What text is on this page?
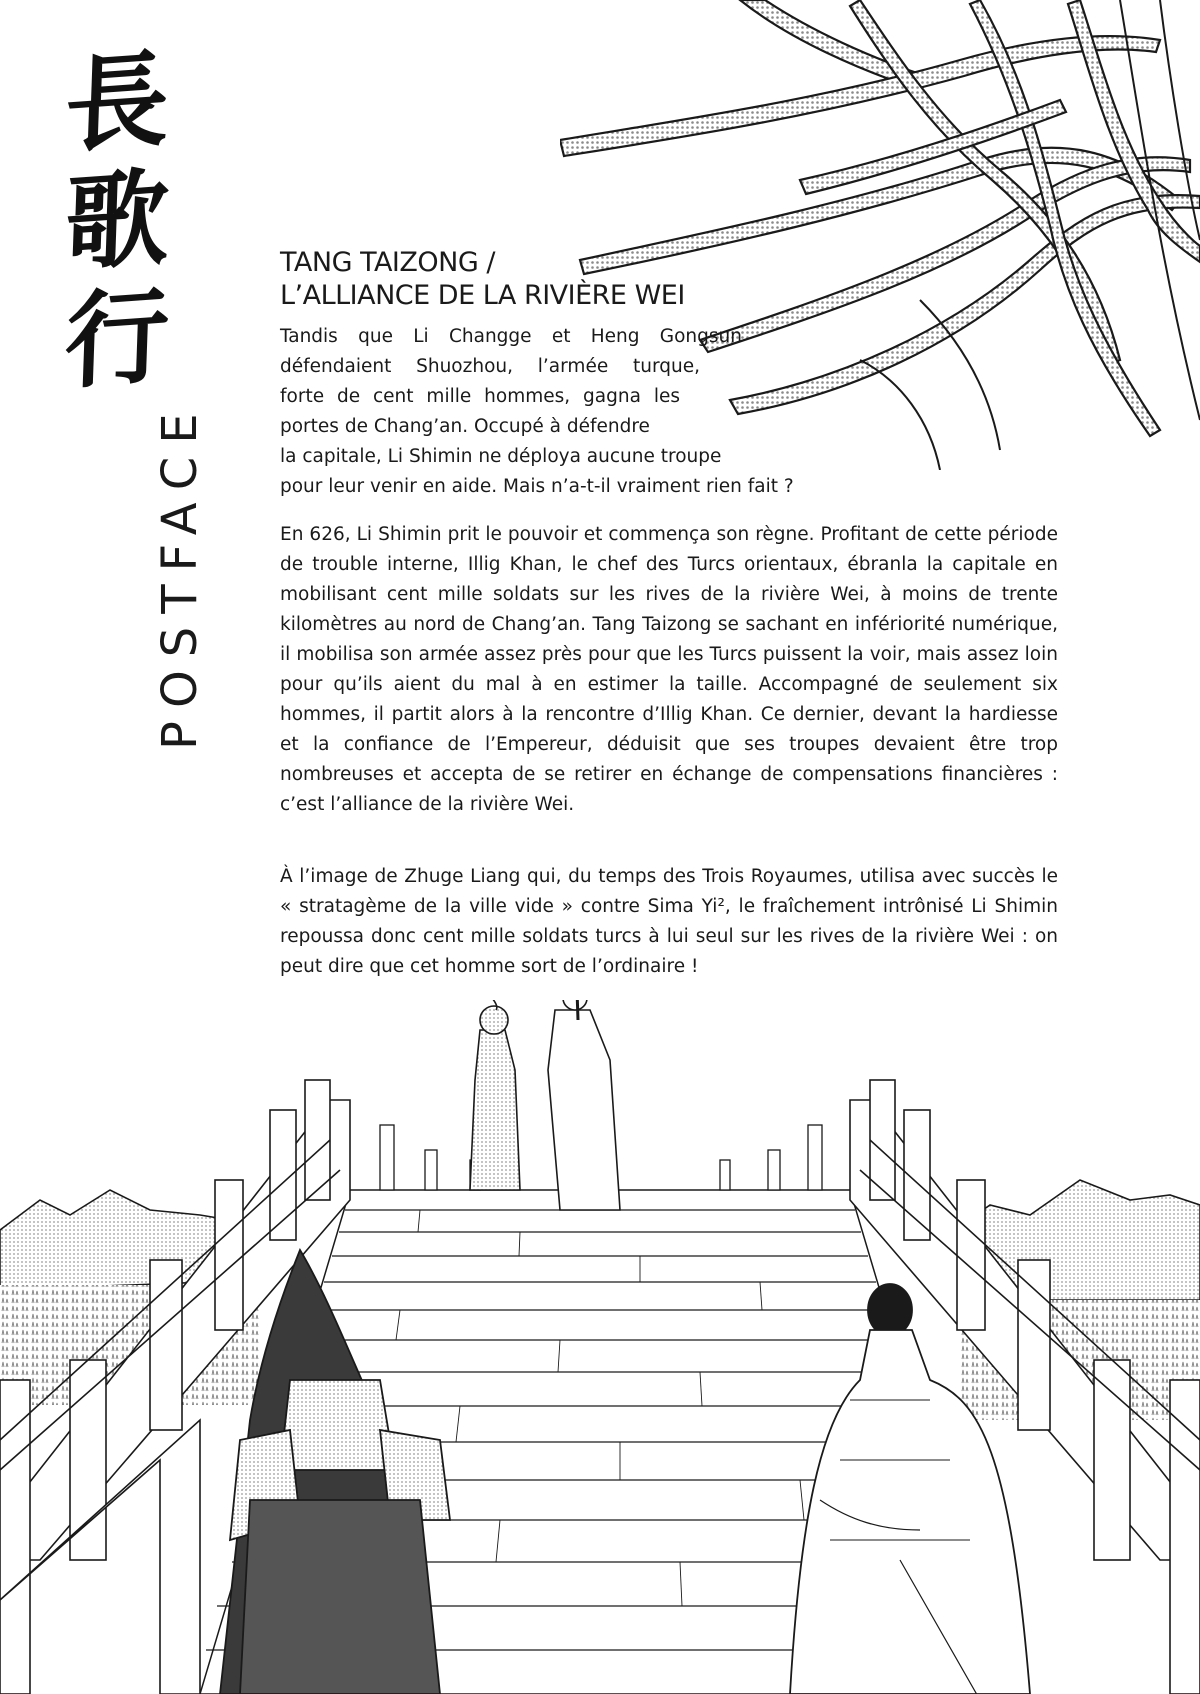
長
歌
行
POSTFACE
TANG TAIZONG /
L’ALLIANCE DE LA RIVIÈRE WEI

Tandis que Li Changge et Heng Gongsun
défendaient Shuozhou, l’armée turque,
forte de cent mille hommes, gagna les
portes de Chang’an. Occupé à défendre
la capitale, Li Shimin ne déploya aucune troupe
pour leur venir en aide. Mais n’a-t-il vraiment rien fait ?

En 626, Li Shimin prit le pouvoir et commença son règne. Profitant de cette période de trouble interne, Illig Khan, le chef des Turcs orientaux, ébranla la capitale en mobilisant cent mille soldats sur les rives de la rivière Wei, à moins de trente kilomètres au nord de Chang’an. Tang Taizong se sachant en infériorité numérique, il mobilisa son armée assez près pour que les Turcs puissent la voir, mais assez loin pour qu’ils aient du mal à en estimer la taille. Accompagné de seulement six hommes, il partit alors à la rencontre d’Illig Khan. Ce dernier, devant la hardiesse et la confiance de l’Empereur, déduisit que ses troupes devaient être trop nombreuses et accepta de se retirer en échange de compensations financières : c’est l’alliance de la rivière Wei.

À l’image de Zhuge Liang qui, du temps des Trois Royaumes, utilisa avec succès le « stratagème de la ville vide » contre Sima Yi², le fraîchement intrônisé Li Shimin repoussa donc cent mille soldats turcs à lui seul sur les rives de la rivière Wei : on peut dire que cet homme sort de l’ordinaire !
